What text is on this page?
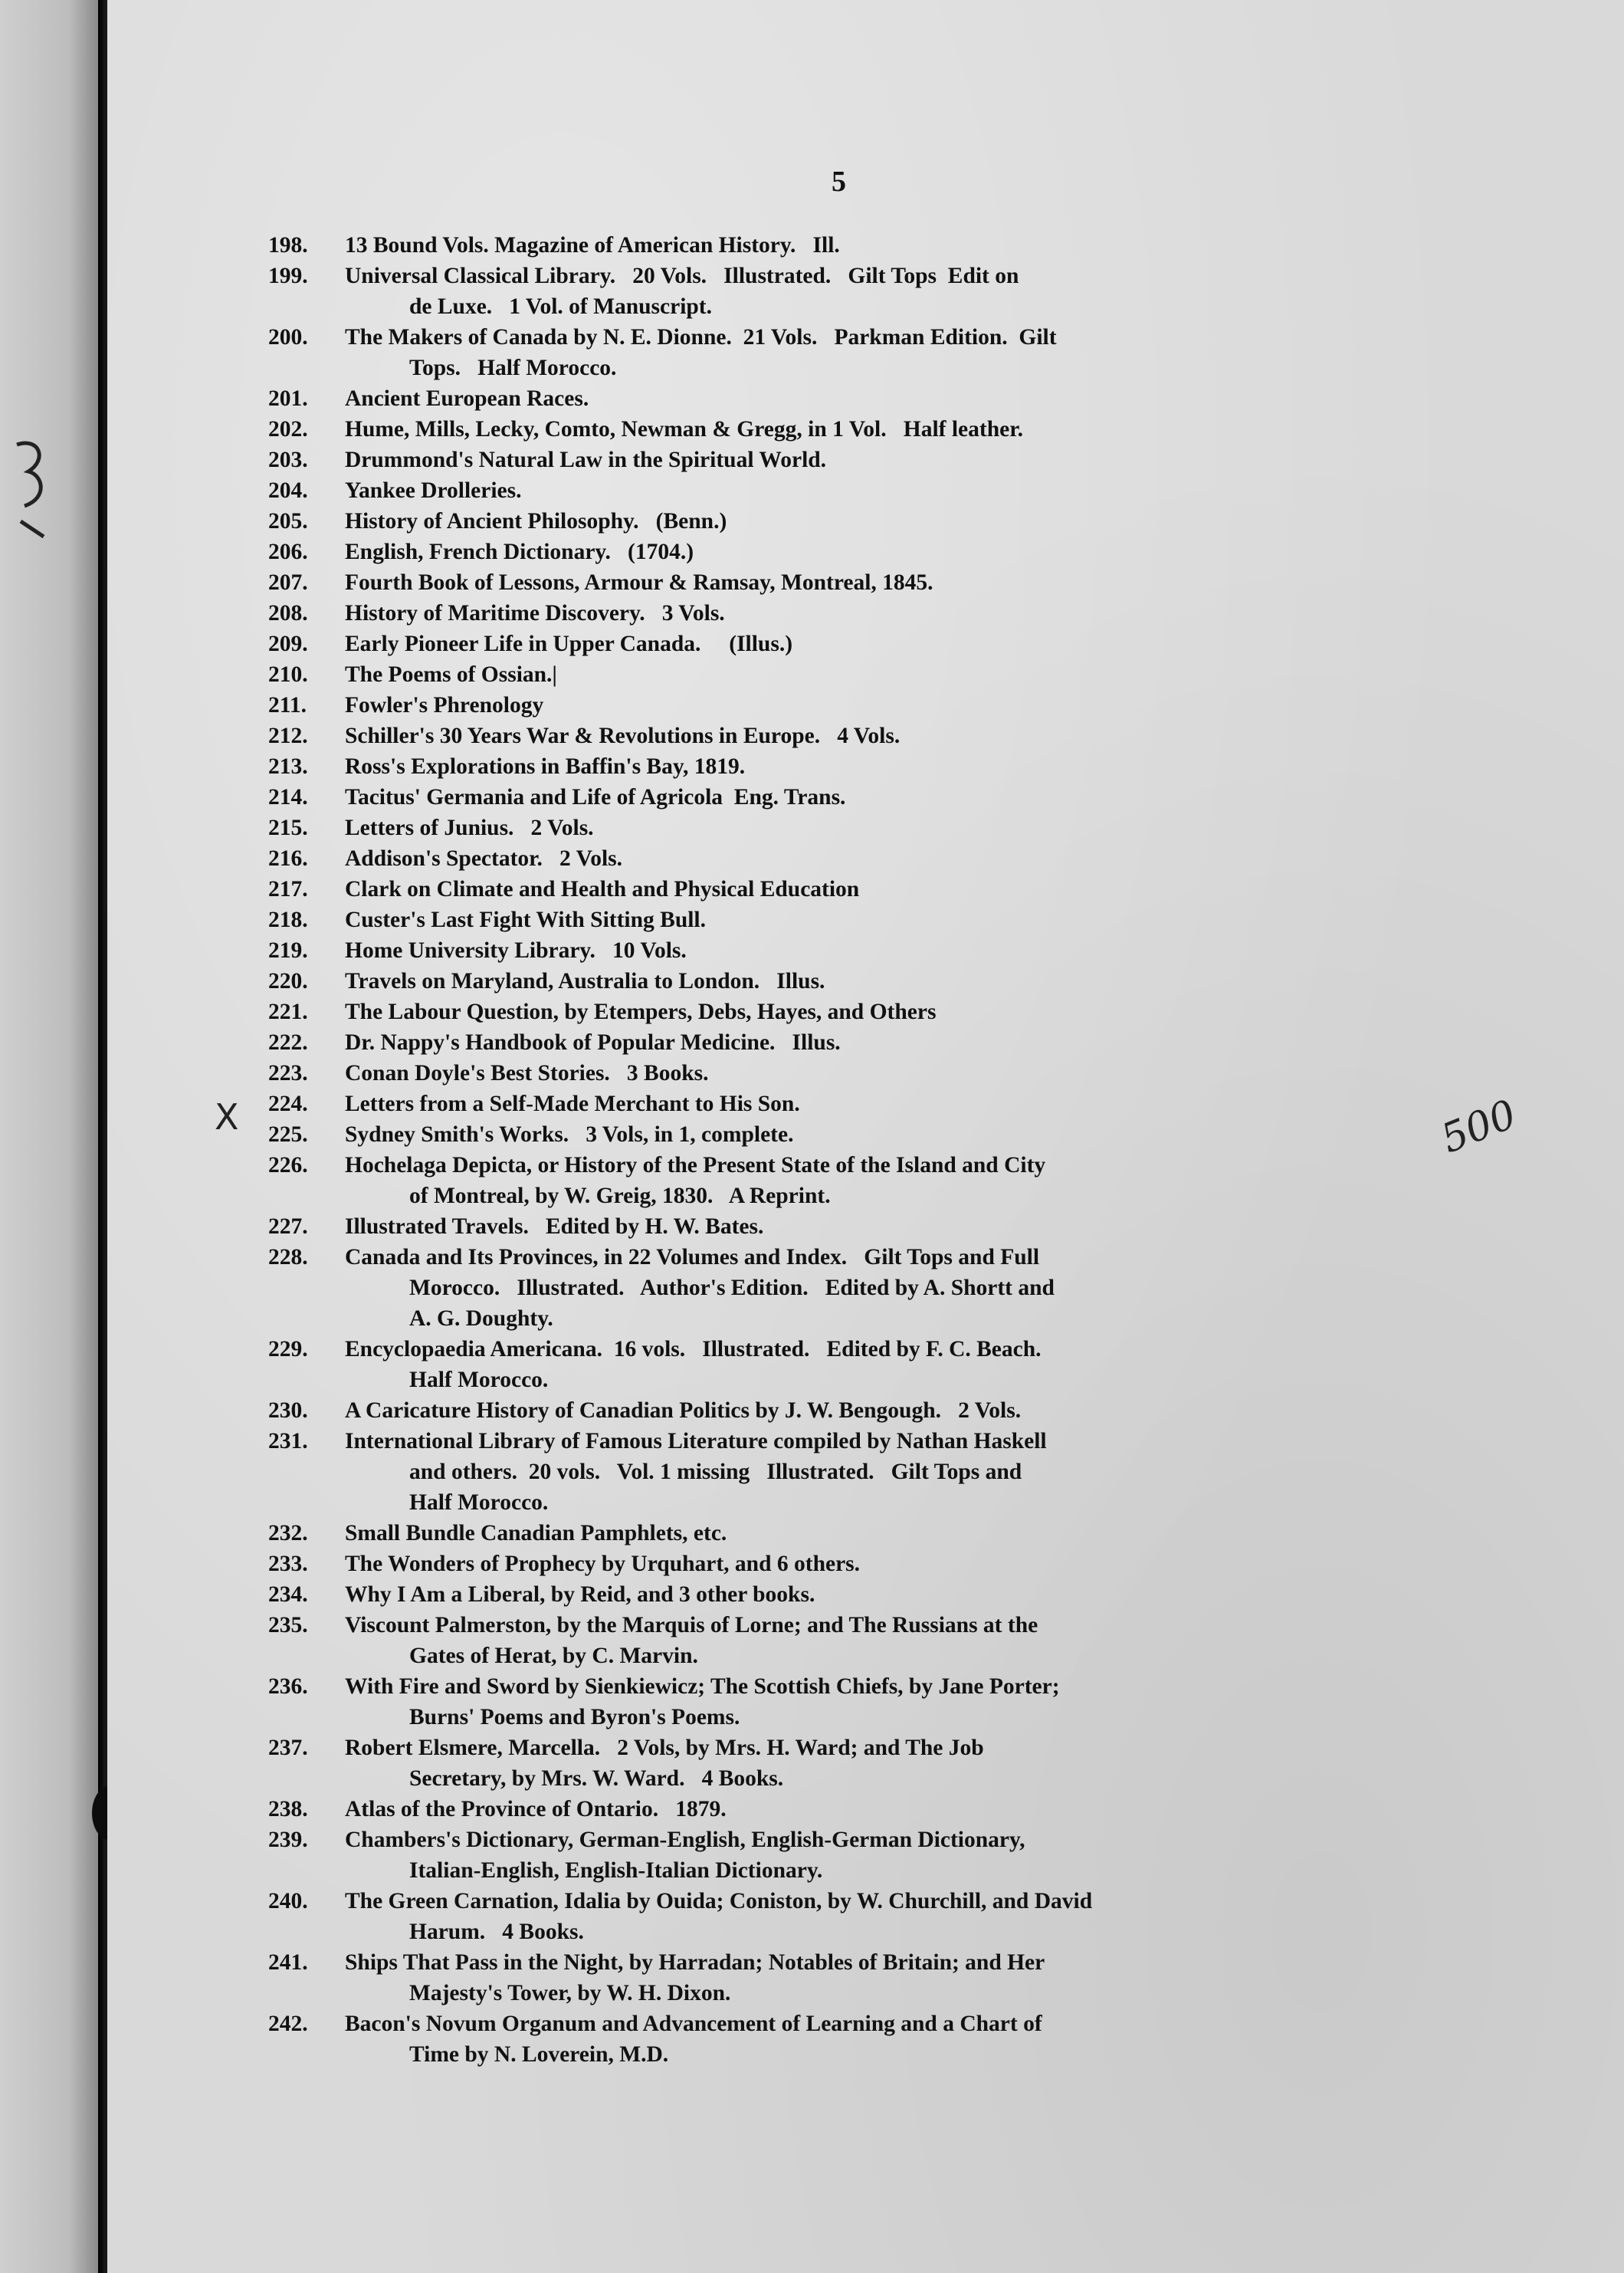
5
198.	13 Bound Vols. Magazine of American History.   Ill.
199.	Universal Classical Library.   20 Vols.   Illustrated.   Gilt Tops  Edit on
de Luxe.   1 Vol. of Manuscript.
200.	The Makers of Canada by N. E. Dionne.  21 Vols.   Parkman Edition.  Gilt
Tops.   Half Morocco.
201.	Ancient European Races.
202.	Hume, Mills, Lecky, Comto, Newman & Gregg, in 1 Vol.   Half leather.
203.	Drummond's Natural Law in the Spiritual World.
204.	Yankee Drolleries.
205.	History of Ancient Philosophy.   (Benn.)
206.	English, French Dictionary.   (1704.)
207.	Fourth Book of Lessons, Armour & Ramsay, Montreal, 1845.
208.	History of Maritime Discovery.   3 Vols.
209.	Early Pioneer Life in Upper Canada.     (Illus.)
210.	The Poems of Ossian.|
211.	Fowler's Phrenology
212.	Schiller's 30 Years War & Revolutions in Europe.   4 Vols.
213.	Ross's Explorations in Baffin's Bay, 1819.
214.	Tacitus' Germania and Life of Agricola  Eng. Trans.
215.	Letters of Junius.   2 Vols.
216.	Addison's Spectator.   2 Vols.
217.	Clark on Climate and Health and Physical Education
218.	Custer's Last Fight With Sitting Bull.
219.	Home University Library.   10 Vols.
220.	Travels on Maryland, Australia to London.   Illus.
221.	The Labour Question, by Etempers, Debs, Hayes, and Others
222.	Dr. Nappy's Handbook of Popular Medicine.   Illus.
223.	Conan Doyle's Best Stories.   3 Books.
224.	Letters from a Self-Made Merchant to His Son.
225.	Sydney Smith's Works.   3 Vols, in 1, complete.
226.	Hochelaga Depicta, or History of the Present State of the Island and City
of Montreal, by W. Greig, 1830.   A Reprint.
227.	Illustrated Travels.   Edited by H. W. Bates.
228.	Canada and Its Provinces, in 22 Volumes and Index.   Gilt Tops and Full
Morocco.   Illustrated.   Author's Edition.   Edited by A. Shortt and
A. G. Doughty.
229.	Encyclopaedia Americana.  16 vols.   Illustrated.   Edited by F. C. Beach.
Half Morocco.
230.	A Caricature History of Canadian Politics by J. W. Bengough.   2 Vols.
231.	International Library of Famous Literature compiled by Nathan Haskell
and others.  20 vols.   Vol. 1 missing   Illustrated.   Gilt Tops and
Half Morocco.
232.	Small Bundle Canadian Pamphlets, etc.
233.	The Wonders of Prophecy by Urquhart, and 6 others.
234.	Why I Am a Liberal, by Reid, and 3 other books.
235.	Viscount Palmerston, by the Marquis of Lorne; and The Russians at the
Gates of Herat, by C. Marvin.
236.	With Fire and Sword by Sienkiewicz; The Scottish Chiefs, by Jane Porter;
Burns' Poems and Byron's Poems.
237.	Robert Elsmere, Marcella.   2 Vols, by Mrs. H. Ward; and The Job
Secretary, by Mrs. W. Ward.   4 Books.
238.	Atlas of the Province of Ontario.   1879.
239.	Chambers's Dictionary, German-English, English-German Dictionary,
Italian-English, English-Italian Dictionary.
240.	The Green Carnation, Idalia by Ouida; Coniston, by W. Churchill, and David
Harum.   4 Books.
241.	Ships That Pass in the Night, by Harradan; Notables of Britain; and Her
Majesty's Tower, by W. H. Dixon.
242.	Bacon's Novum Organum and Advancement of Learning and a Chart of
Time by N. Loverein, M.D.
X	500
